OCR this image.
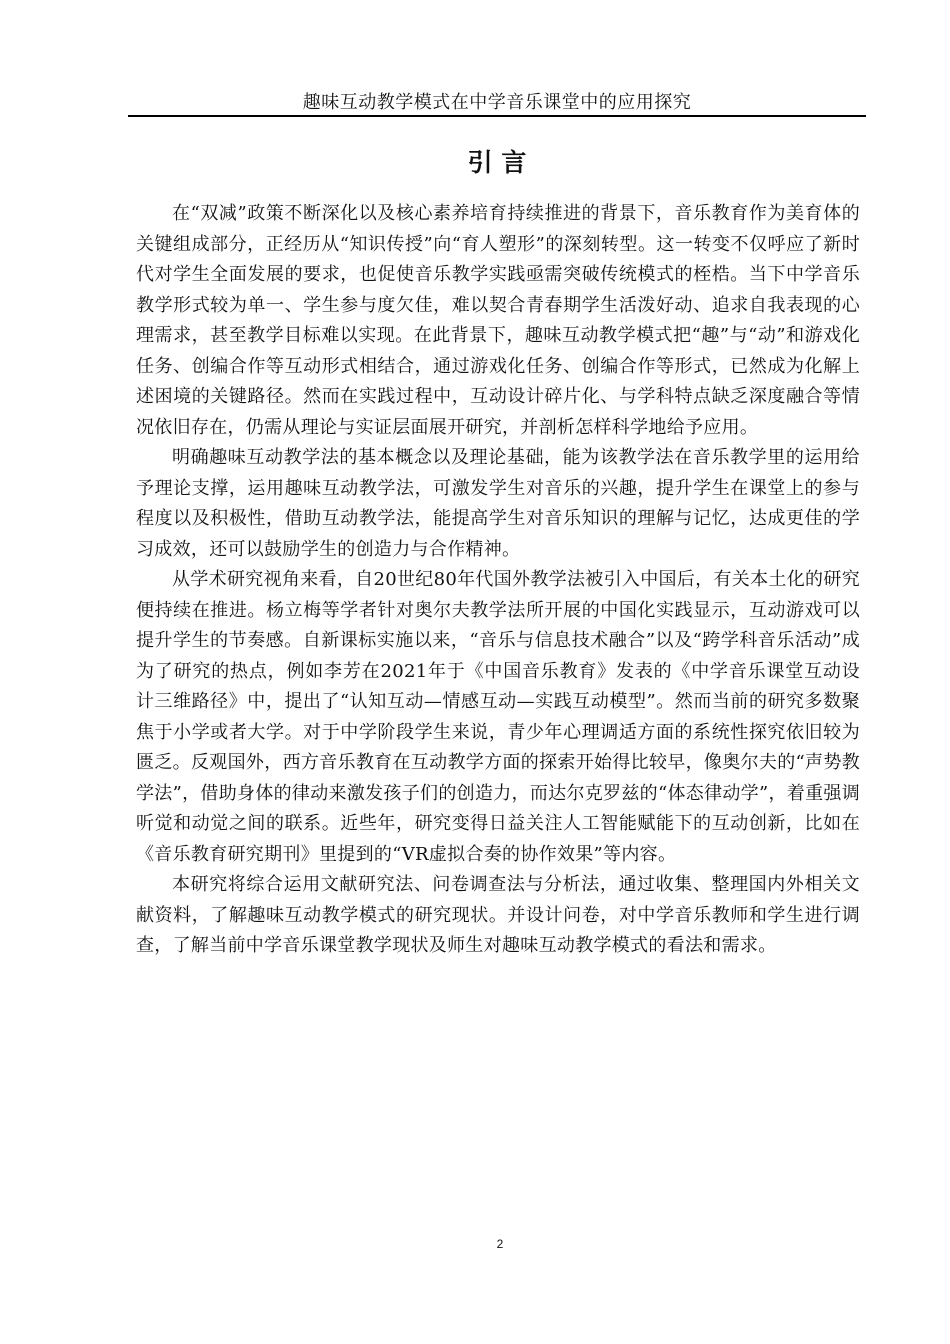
趣味互动教学模式在中学音乐课堂中的应用探究
引 言

在“双减”政策不断深化以及核心素养培育持续推进的背景下，音乐教育作为美育体的关键组成部分，正经历从“知识传授”向“育人塑形”的深刻转型。这一转变不仅呼应了新时代对学生全面发展的要求，也促使音乐教学实践亟需突破传统模式的桎梏。当下中学音乐教学形式较为单一、学生参与度欠佳，难以契合青春期学生活泼好动、追求自我表现的心理需求，甚至教学目标难以实现。在此背景下，趣味互动教学模式把“趣”与“动”和游戏化任务、创编合作等互动形式相结合，通过游戏化任务、创编合作等形式，已然成为化解上述困境的关键路径。然而在实践过程中，互动设计碎片化、与学科特点缺乏深度融合等情况依旧存在，仍需从理论与实证层面展开研究，并剖析怎样科学地给予应用。

明确趣味互动教学法的基本概念以及理论基础，能为该教学法在音乐教学里的运用给予理论支撑，运用趣味互动教学法，可激发学生对音乐的兴趣，提升学生在课堂上的参与程度以及积极性，借助互动教学法，能提高学生对音乐知识的理解与记忆，达成更佳的学习成效，还可以鼓励学生的创造力与合作精神。

从学术研究视角来看，自20世纪80年代国外教学法被引入中国后，有关本土化的研究便持续在推进。杨立梅等学者针对奥尔夫教学法所开展的中国化实践显示，互动游戏可以提升学生的节奏感。自新课标实施以来，“音乐与信息技术融合”以及“跨学科音乐活动”成为了研究的热点，例如李芳在2021年于《中国音乐教育》发表的《中学音乐课堂互动设计三维路径》中，提出了“认知互动—情感互动—实践互动模型”。然而当前的研究多数聚焦于小学或者大学。对于中学阶段学生来说，青少年心理调适方面的系统性探究依旧较为匮乏。反观国外，西方音乐教育在互动教学方面的探索开始得比较早，像奥尔夫的“声势教学法”，借助身体的律动来激发孩子们的创造力，而达尔克罗兹的“体态律动学”，着重强调听觉和动觉之间的联系。近些年，研究变得日益关注人工智能赋能下的互动创新，比如在《音乐教育研究期刊》里提到的“VR虚拟合奏的协作效果”等内容。

本研究将综合运用文献研究法、问卷调查法与分析法，通过收集、整理国内外相关文献资料，了解趣味互动教学模式的研究现状。并设计问卷，对中学音乐教师和学生进行调查，了解当前中学音乐课堂教学现状及师生对趣味互动教学模式的看法和需求。

2
